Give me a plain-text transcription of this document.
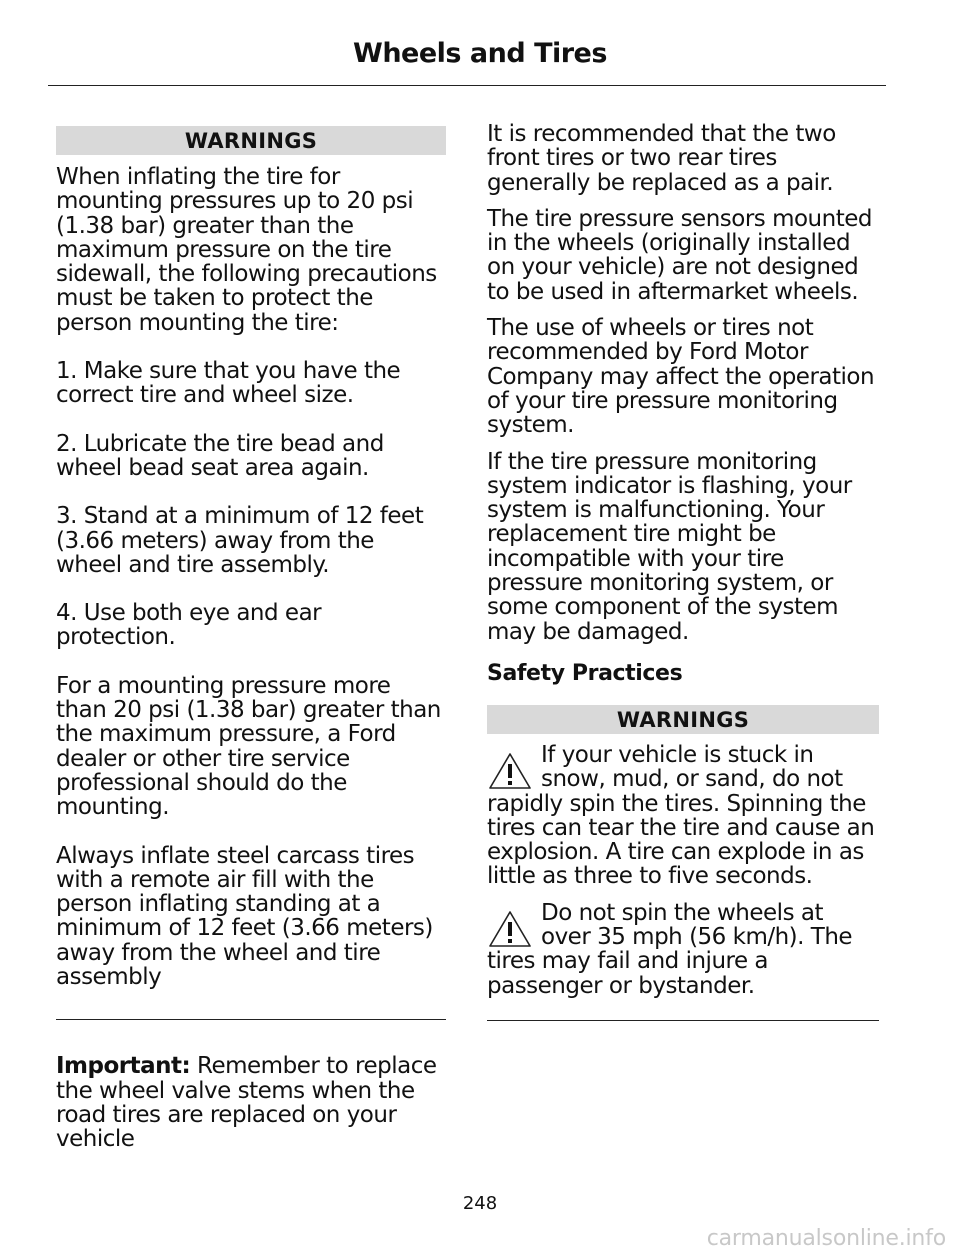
Wheels and Tires
WARNINGS

When inflating the tire for mounting pressures up to 20 psi (1.38 bar) greater than the maximum pressure on the tire sidewall, the following precautions must be taken to protect the person mounting the tire:

1. Make sure that you have the correct tire and wheel size.

2. Lubricate the tire bead and wheel bead seat area again.

3. Stand at a minimum of 12 feet (3.66 meters) away from the wheel and tire assembly.

4. Use both eye and ear protection.

For a mounting pressure more than 20 psi (1.38 bar) greater than the maximum pressure, a Ford dealer or other tire service professional should do the mounting.

Always inflate steel carcass tires with a remote air fill with the person inflating standing at a minimum of 12 feet (3.66 meters) away from the wheel and tire assembly

Important: Remember to replace the wheel valve stems when the road tires are replaced on your vehicle

It is recommended that the two front tires or two rear tires generally be replaced as a pair.

The tire pressure sensors mounted in the wheels (originally installed on your vehicle) are not designed to be used in aftermarket wheels.

The use of wheels or tires not recommended by Ford Motor Company may affect the operation of your tire pressure monitoring system.

If the tire pressure monitoring system indicator is flashing, your system is malfunctioning. Your replacement tire might be incompatible with your tire pressure monitoring system, or some component of the system may be damaged.

Safety Practices
WARNINGS

If your vehicle is stuck in snow, mud, or sand, do not rapidly spin the tires. Spinning the tires can tear the tire and cause an explosion. A tire can explode in as little as three to five seconds.

Do not spin the wheels at over 35 mph (56 km/h). The tires may fail and injure a passenger or bystander.

248
carmanualsonline.info
